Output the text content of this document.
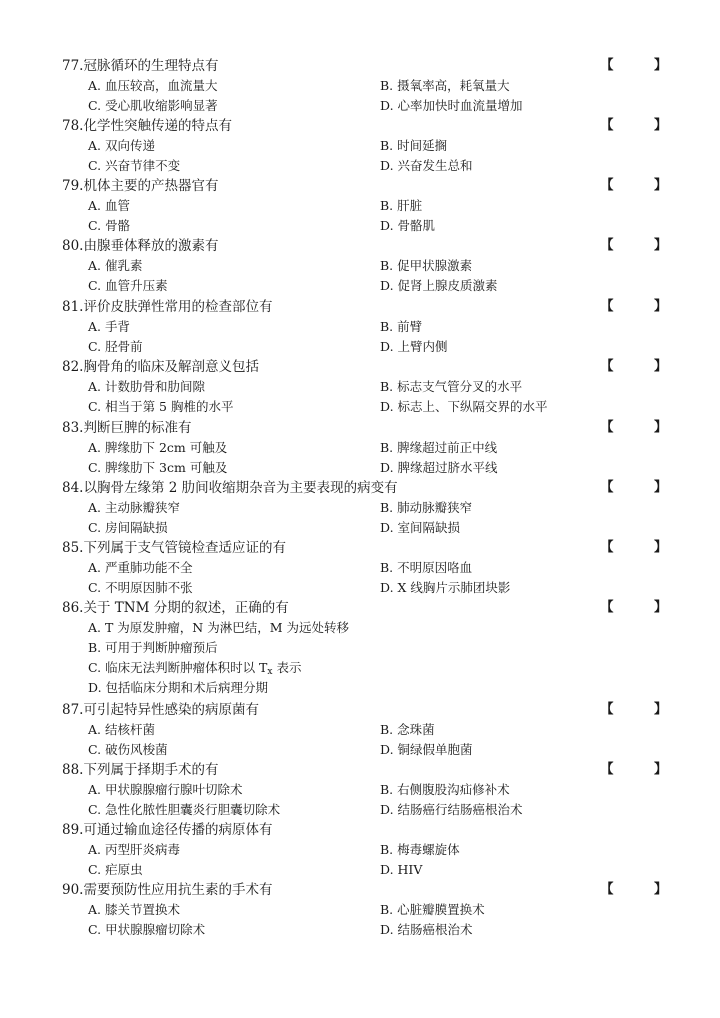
77.冠脉循环的生理特点有	【 】
A. 血压较高，血流量大	B. 摄氧率高，耗氧量大
C. 受心肌收缩影响显著	D. 心率加快时血流量增加
78.化学性突触传递的特点有	【 】
A. 双向传递	B. 时间延搁
C. 兴奋节律不变	D. 兴奋发生总和
79.机体主要的产热器官有	【 】
A. 血管	B. 肝脏
C. 骨骼	D. 骨骼肌
80.由腺垂体释放的激素有	【 】
A. 催乳素	B. 促甲状腺激素
C. 血管升压素	D. 促肾上腺皮质激素
81.评价皮肤弹性常用的检查部位有	【 】
A. 手背	B. 前臂
C. 胫骨前	D. 上臂内侧
82.胸骨角的临床及解剖意义包括	【 】
A. 计数肋骨和肋间隙	B. 标志支气管分叉的水平
C. 相当于第 5 胸椎的水平	D. 标志上、下纵隔交界的水平
83.判断巨脾的标准有	【 】
A. 脾缘肋下 2cm 可触及	B. 脾缘超过前正中线
C. 脾缘肋下 3cm 可触及	D. 脾缘超过脐水平线
84.以胸骨左缘第 2 肋间收缩期杂音为主要表现的病变有	【 】
A. 主动脉瓣狭窄	B. 肺动脉瓣狭窄
C. 房间隔缺损	D. 室间隔缺损
85.下列属于支气管镜检查适应证的有	【 】
A. 严重肺功能不全	B. 不明原因咯血
C. 不明原因肺不张	D. X 线胸片示肺团块影
86.关于 TNM 分期的叙述，正确的有	【 】
A. T 为原发肿瘤，N 为淋巴结，M 为远处转移
B. 可用于判断肿瘤预后
C. 临床无法判断肿瘤体积时以 $T_x$ 表示
D. 包括临床分期和术后病理分期
87.可引起特异性感染的病原菌有	【 】
A. 结核杆菌	B. 念珠菌
C. 破伤风梭菌	D. 铜绿假单胞菌
88.下列属于择期手术的有	【 】
A. 甲状腺腺瘤行腺叶切除术	B. 右侧腹股沟疝修补术
C. 急性化脓性胆囊炎行胆囊切除术	D. 结肠癌行结肠癌根治术
89.可通过输血途径传播的病原体有
A. 丙型肝炎病毒	B. 梅毒螺旋体
C. 疟原虫	D. HIV
90.需要预防性应用抗生素的手术有	【 】
A. 膝关节置换术	B. 心脏瓣膜置换术
C. 甲状腺腺瘤切除术	D. 结肠癌根治术
